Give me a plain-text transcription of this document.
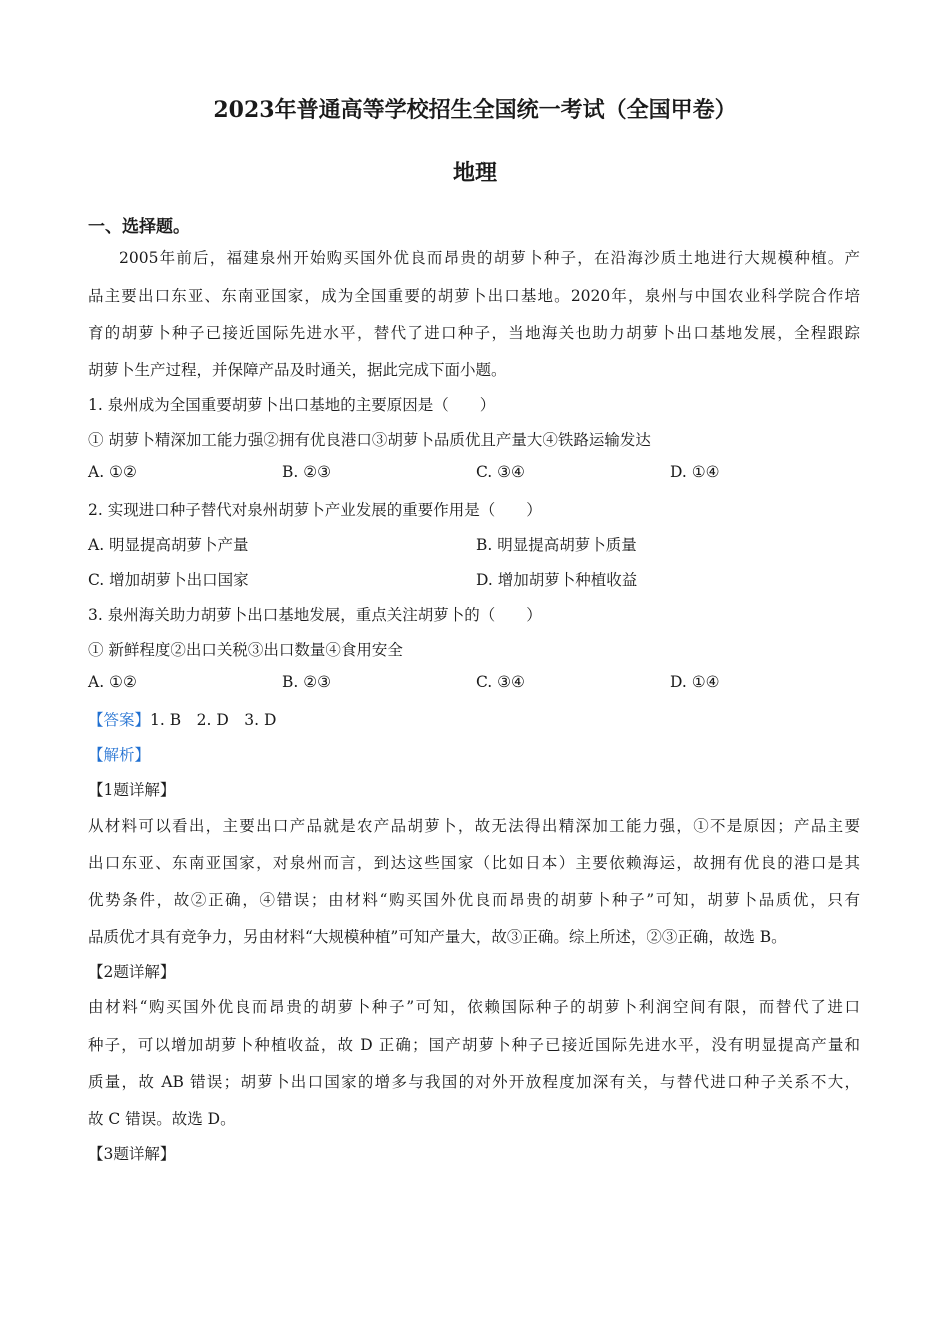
2023年普通高等学校招生全国统一考试（全国甲卷）
地理
一、选择题。
2005年前后，福建泉州开始购买国外优良而昂贵的胡萝卜种子，在沿海沙质土地进行大规模种植。产
品主要出口东亚、东南亚国家，成为全国重要的胡萝卜出口基地。2020年，泉州与中国农业科学院合作培
育的胡萝卜种子已接近国际先进水平，替代了进口种子，当地海关也助力胡萝卜出口基地发展，全程跟踪
胡萝卜生产过程，并保障产品及时通关，据此完成下面小题。
1. 泉州成为全国重要胡萝卜出口基地的主要原因是（　　）
① 胡萝卜精深加工能力强②拥有优良港口③胡萝卜品质优且产量大④铁路运输发达
A. ①②	B. ②③	C. ③④	D. ①④
2. 实现进口种子替代对泉州胡萝卜产业发展的重要作用是（　　）
A. 明显提高胡萝卜产量	B. 明显提高胡萝卜质量
C. 增加胡萝卜出口国家	D. 增加胡萝卜种植收益
3. 泉州海关助力胡萝卜出口基地发展，重点关注胡萝卜的（　　）
① 新鲜程度②出口关税③出口数量④食用安全
A. ①②	B. ②③	C. ③④	D. ①④
【答案】1. B　2. D　3. D
【解析】
【1题详解】
从材料可以看出，主要出口产品就是农产品胡萝卜，故无法得出精深加工能力强，①不是原因；产品主要
出口东亚、东南亚国家，对泉州而言，到达这些国家（比如日本）主要依赖海运，故拥有优良的港口是其
优势条件，故②正确，④错误；由材料“购买国外优良而昂贵的胡萝卜种子”可知，胡萝卜品质优，只有
品质优才具有竞争力，另由材料“大规模种植”可知产量大，故③正确。综上所述，②③正确，故选 B。
【2题详解】
由材料“购买国外优良而昂贵的胡萝卜种子”可知，依赖国际种子的胡萝卜利润空间有限，而替代了进口
种子，可以增加胡萝卜种植收益，故 D 正确；国产胡萝卜种子已接近国际先进水平，没有明显提高产量和
质量，故 AB 错误；胡萝卜出口国家的增多与我国的对外开放程度加深有关，与替代进口种子关系不大，
故 C 错误。故选 D。
【3题详解】
